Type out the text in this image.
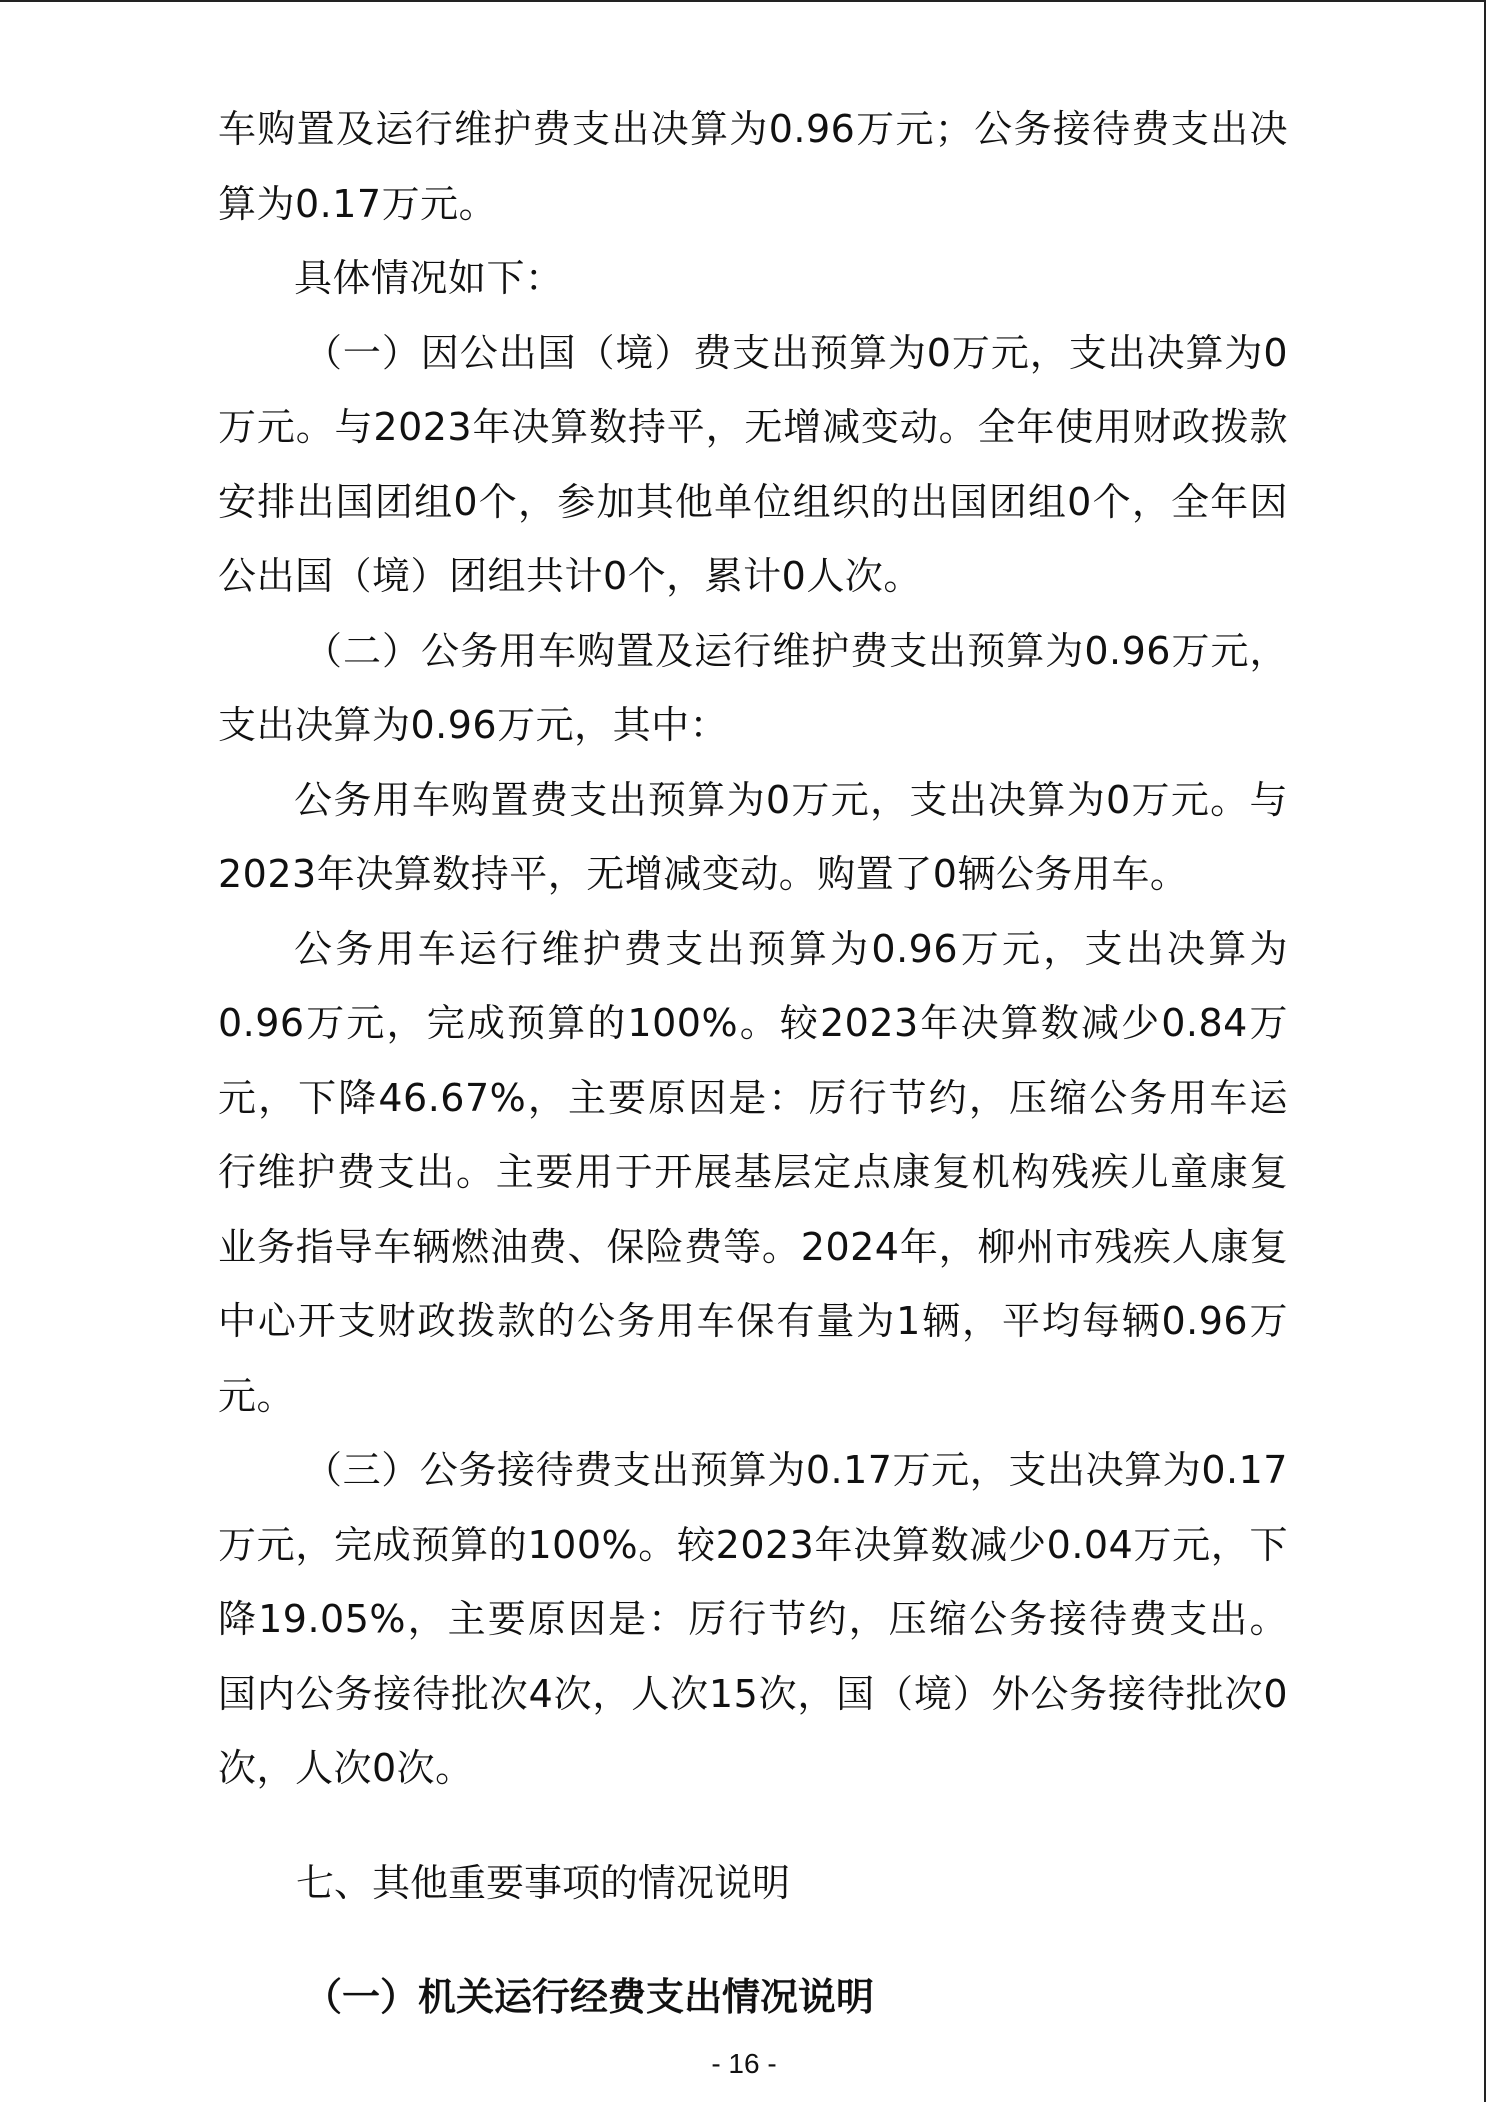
车购置及运行维护费支出决算为0.96万元；公务接待费支出决算为0.17万元。

具体情况如下：

（一）因公出国（境）费支出预算为0万元，支出决算为0万元。与2023年决算数持平，无增减变动。全年使用财政拨款安排出国团组0个，参加其他单位组织的出国团组0个，全年因公出国（境）团组共计0个，累计0人次。

（二）公务用车购置及运行维护费支出预算为0.96万元，支出决算为0.96万元，其中：

公务用车购置费支出预算为0万元，支出决算为0万元。与2023年决算数持平，无增减变动。购置了0辆公务用车。

公务用车运行维护费支出预算为0.96万元，支出决算为0.96万元，完成预算的100%。较2023年决算数减少0.84万元，下降46.67%，主要原因是：厉行节约，压缩公务用车运行维护费支出。主要用于开展基层定点康复机构残疾儿童康复业务指导车辆燃油费、保险费等。2024年，柳州市残疾人康复中心开支财政拨款的公务用车保有量为1辆，平均每辆0.96万元。

（三）公务接待费支出预算为0.17万元，支出决算为0.17万元，完成预算的100%。较2023年决算数减少0.04万元，下降19.05%，主要原因是：厉行节约，压缩公务接待费支出。国内公务接待批次4次，人次15次，国（境）外公务接待批次0次，人次0次。

七、其他重要事项的情况说明
（一）机关运行经费支出情况说明
- 16 -
